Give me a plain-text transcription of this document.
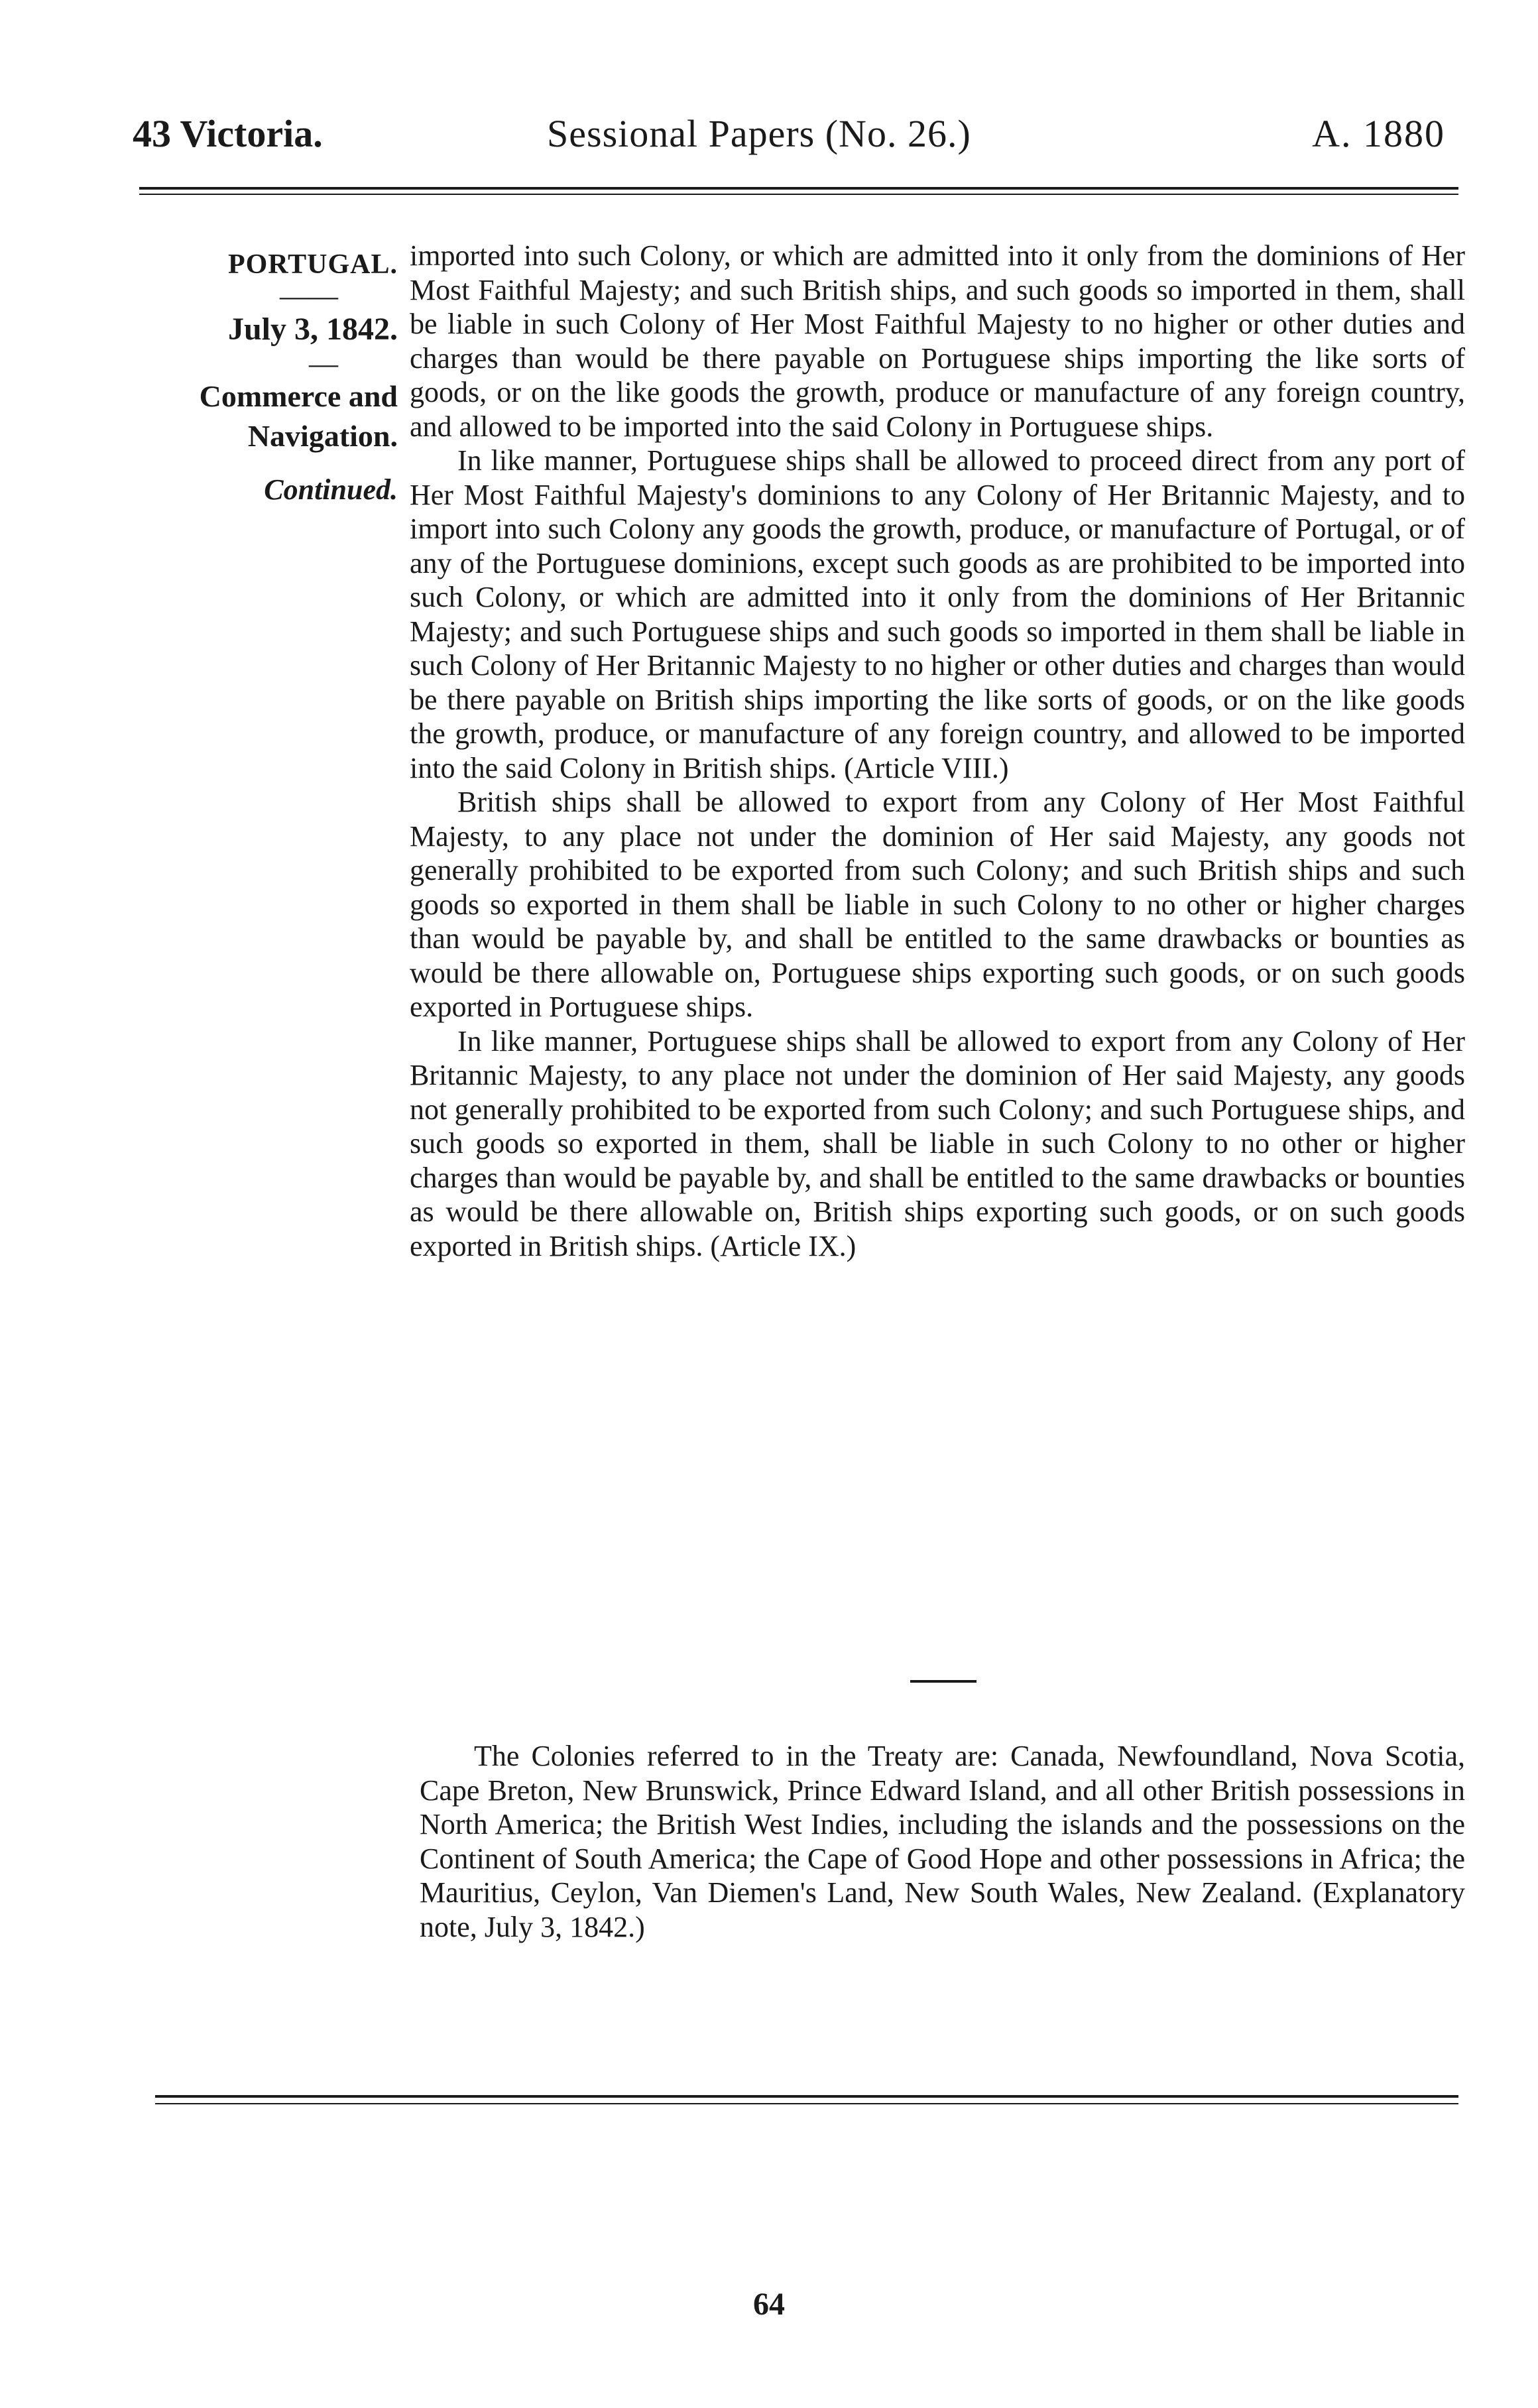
43 Victoria.	Sessional Papers (No. 26.)	A. 1880
PORTUGAL.
——
July 3, 1842.
—
Commerce and
Navigation.
Continued.

imported into such Colony, or which are admitted into it only from the dominions of Her Most Faithful Majesty; and such British ships, and such goods so imported in them, shall be liable in such Colony of Her Most Faithful Majesty to no higher or other duties and charges than would be there payable on Portuguese ships importing the like sorts of goods, or on the like goods the growth, produce or manufacture of any foreign country, and allowed to be imported into the said Colony in Portuguese ships.

In like manner, Portuguese ships shall be allowed to proceed direct from any port of Her Most Faithful Majesty's dominions to any Colony of Her Britannic Majesty, and to import into such Colony any goods the growth, produce, or manufacture of Portugal, or of any of the Portuguese dominions, except such goods as are prohibited to be imported into such Colony, or which are admitted into it only from the dominions of Her Britannic Majesty; and such Portuguese ships and such goods so imported in them shall be liable in such Colony of Her Britannic Majesty to no higher or other duties and charges than would be there payable on British ships importing the like sorts of goods, or on the like goods the growth, produce, or manufacture of any foreign country, and allowed to be imported into the said Colony in British ships. (Article VIII.)

British ships shall be allowed to export from any Colony of Her Most Faithful Majesty, to any place not under the dominion of Her said Majesty, any goods not generally prohibited to be exported from such Colony; and such British ships and such goods so exported in them shall be liable in such Colony to no other or higher charges than would be payable by, and shall be entitled to the same drawbacks or bounties as would be there allowable on, Portuguese ships exporting such goods, or on such goods exported in Portuguese ships.

In like manner, Portuguese ships shall be allowed to export from any Colony of Her Britannic Majesty, to any place not under the dominion of Her said Majesty, any goods not generally prohibited to be exported from such Colony; and such Portuguese ships, and such goods so exported in them, shall be liable in such Colony to no other or higher charges than would be payable by, and shall be entitled to the same drawbacks or bounties as would be there allowable on, British ships exporting such goods, or on such goods exported in British ships. (Article IX.)

The Colonies referred to in the Treaty are: Canada, Newfoundland, Nova Scotia, Cape Breton, New Brunswick, Prince Edward Island, and all other British possessions in North America; the British West Indies, including the islands and the possessions on the Continent of South America; the Cape of Good Hope and other possessions in Africa; the Mauritius, Ceylon, Van Diemen's Land, New South Wales, New Zealand. (Explanatory note, July 3, 1842.)
64
